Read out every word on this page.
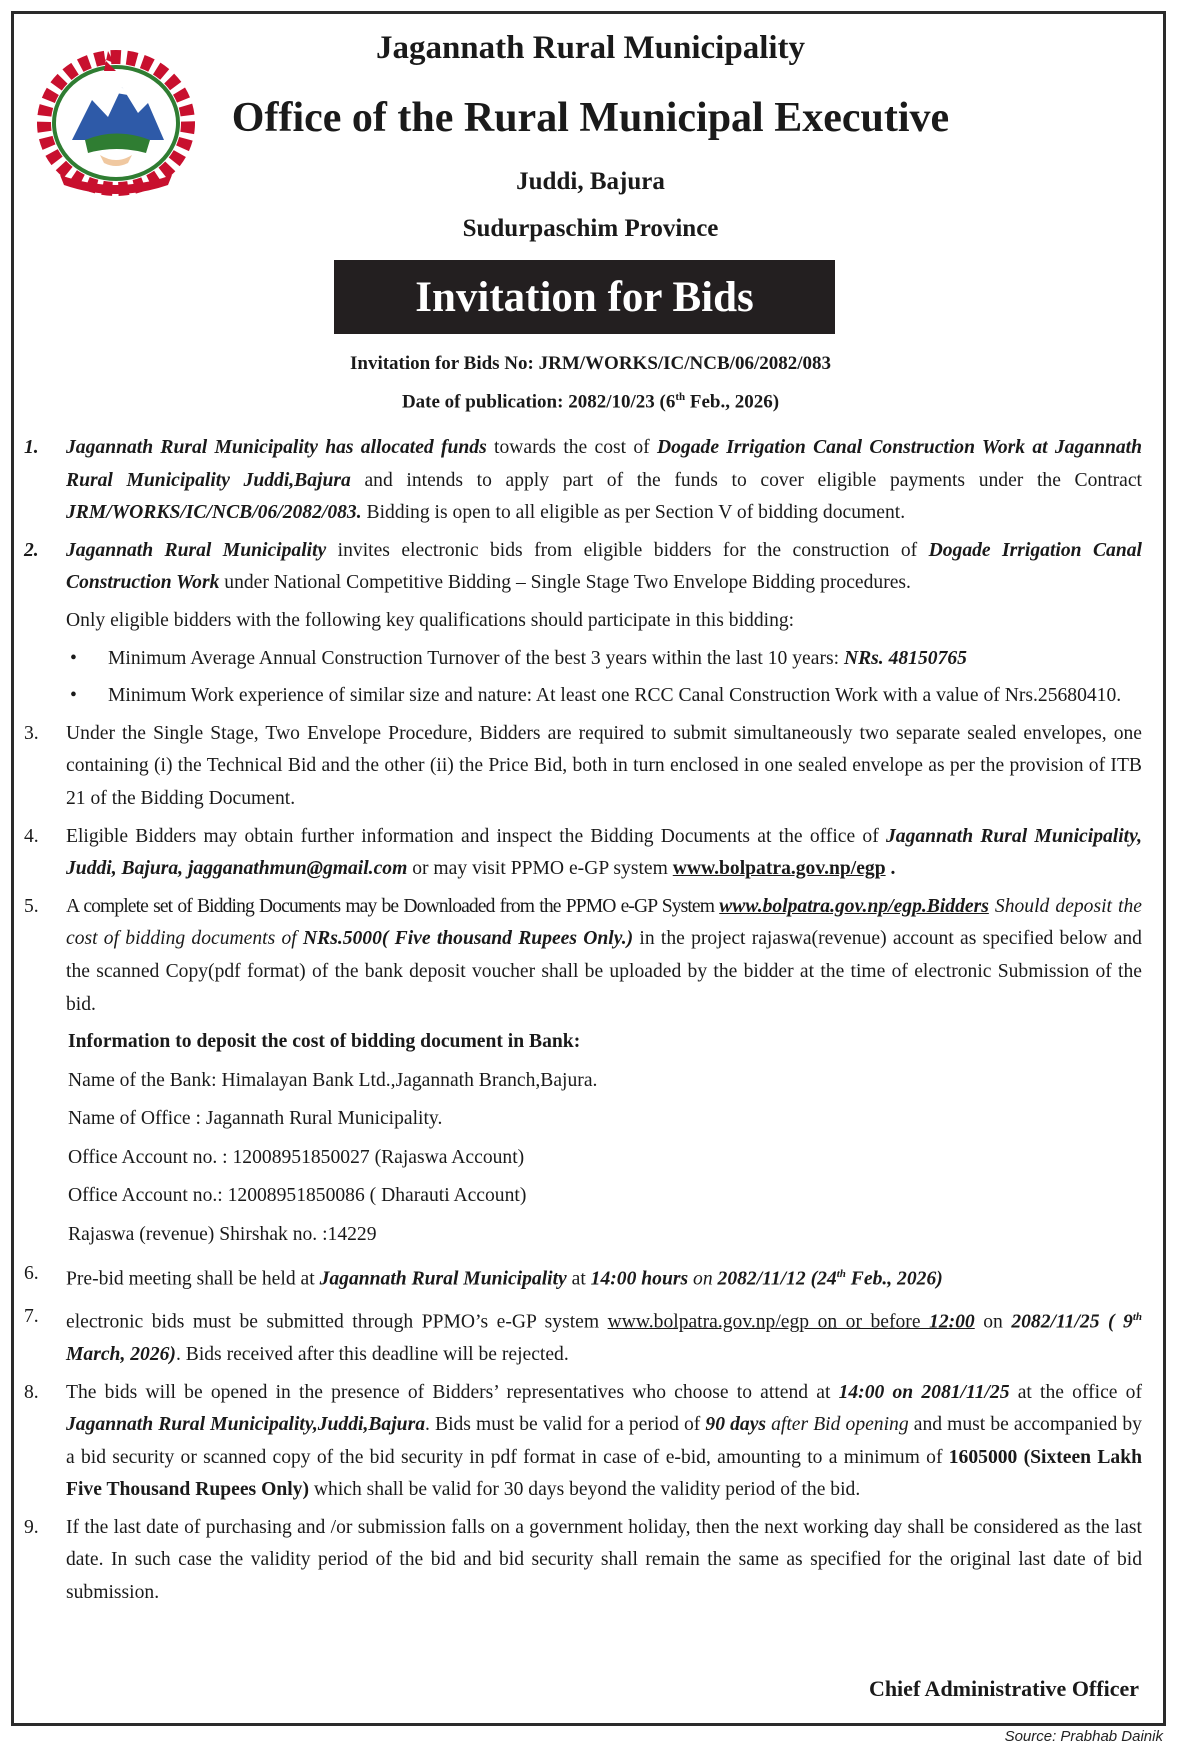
Jagannath Rural Municipality
Office of the Rural Municipal Executive
Juddi, Bajura
Sudurpaschim Province
Invitation for Bids
Invitation for Bids No: JRM/WORKS/IC/NCB/06/2082/083
Date of publication: 2082/10/23 (6th Feb., 2026)
1.	Jagannath Rural Municipality has allocated funds towards the cost of Dogade Irrigation Canal Construction Work at Jagannath Rural Municipality Juddi,Bajura and intends to apply part of the funds to cover eligible payments under the Contract JRM/WORKS/IC/NCB/06/2082/083. Bidding is open to all eligible as per Section V of bidding document.
2.	Jagannath Rural Municipality invites electronic bids from eligible bidders for the construction of Dogade Irrigation Canal Construction Work under National Competitive Bidding – Single Stage Two Envelope Bidding procedures.
Only eligible bidders with the following key qualifications should participate in this bidding:
•	Minimum Average Annual Construction Turnover of the best 3 years within the last 10 years: NRs. 48150765
•	Minimum Work experience of similar size and nature: At least one RCC Canal Construction Work with a value of Nrs.25680410.
3.	Under the Single Stage, Two Envelope Procedure, Bidders are required to submit simultaneously two separate sealed envelopes, one containing (i) the Technical Bid and the other (ii) the Price Bid, both in turn enclosed in one sealed envelope as per the provision of ITB 21 of the Bidding Document.
4.	Eligible Bidders may obtain further information and inspect the Bidding Documents at the office of Jagannath Rural Municipality, Juddi, Bajura, jagganathmun@gmail.com or may visit PPMO e-GP system www.bolpatra.gov.np/egp .
5.	A complete set of Bidding Documents may be Downloaded from the PPMO e-GP System www.bolpatra.gov.np/egp.Bidders Should deposit the cost of bidding documents of NRs.5000( Five thousand Rupees Only.) in the project rajaswa(revenue) account as specified below and the scanned Copy(pdf format) of the bank deposit voucher shall be uploaded by the bidder at the time of electronic Submission of the bid.
Information to deposit the cost of bidding document in Bank:
Name of the Bank: Himalayan Bank Ltd.,Jagannath Branch,Bajura.
Name of Office : Jagannath Rural Municipality.
Office Account no. : 12008951850027 (Rajaswa Account)
Office Account no.: 12008951850086 ( Dharauti Account)
Rajaswa (revenue) Shirshak no. :14229
6.	Pre-bid meeting shall be held at Jagannath Rural Municipality at 14:00 hours on 2082/11/12 (24th Feb., 2026)
7.	electronic bids must be submitted through PPMO’s e-GP system www.bolpatra.gov.np/egp on or before 12:00 on 2082/11/25 ( 9th March, 2026). Bids received after this deadline will be rejected.
8.	The bids will be opened in the presence of Bidders’ representatives who choose to attend at 14:00 on 2081/11/25 at the office of Jagannath Rural Municipality,Juddi,Bajura. Bids must be valid for a period of 90 days after Bid opening and must be accompanied by a bid security or scanned copy of the bid security in pdf format in case of e-bid, amounting to a minimum of 1605000 (Sixteen Lakh Five Thousand Rupees Only) which shall be valid for 30 days beyond the validity period of the bid.
9.	If the last date of purchasing and /or submission falls on a government holiday, then the next working day shall be considered as the last date. In such case the validity period of the bid and bid security shall remain the same as specified for the original last date of bid submission.
Chief Administrative Officer
Source: Prabhab Dainik
